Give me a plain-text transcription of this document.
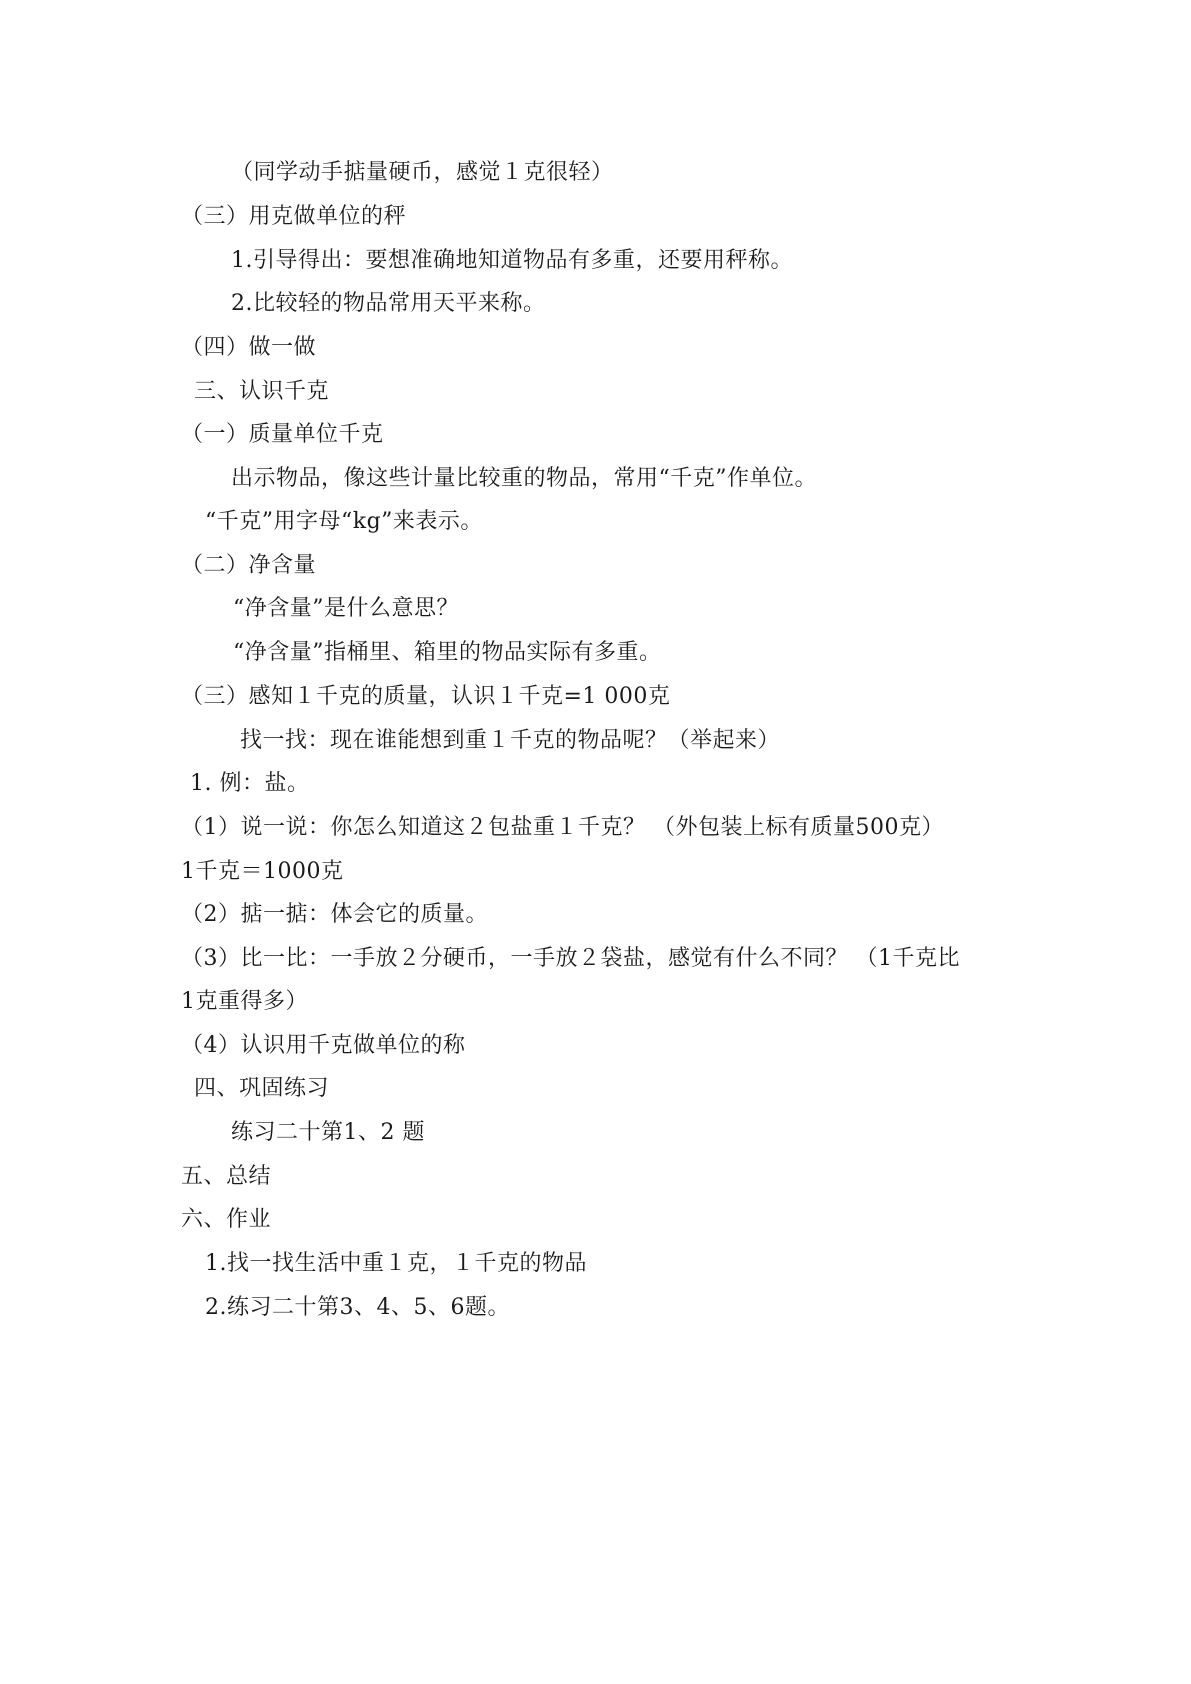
（同学动手掂量硬币，感觉１克很轻）
（三）用克做单位的秤
1.引导得出：要想准确地知道物品有多重，还要用秤称。
2.比较轻的物品常用天平来称。
（四）做一做
三、认识千克
（一）质量单位千克
出示物品，像这些计量比较重的物品，常用“千克”作单位。
“千克”用字母“kg”来表示。
（二）净含量
“净含量”是什么意思？
“净含量”指桶里、箱里的物品实际有多重。
（三）感知１千克的质量，认识１千克=1 000克
找一找：现在谁能想到重１千克的物品呢？（举起来）
1. 例：盐。
（1）说一说：你怎么知道这２包盐重１千克？ （外包装上标有质量500克）
1千克＝1000克
（2）掂一掂：体会它的质量。
（3）比一比：一手放２分硬币，一手放２袋盐，感觉有什么不同？ （1千克比
1克重得多）
（4）认识用千克做单位的称
四、巩固练习
练习二十第1、2 题
五、总结
六、作业
1.找一找生活中重１克，１千克的物品
2.练习二十第3、4、5、6题。
